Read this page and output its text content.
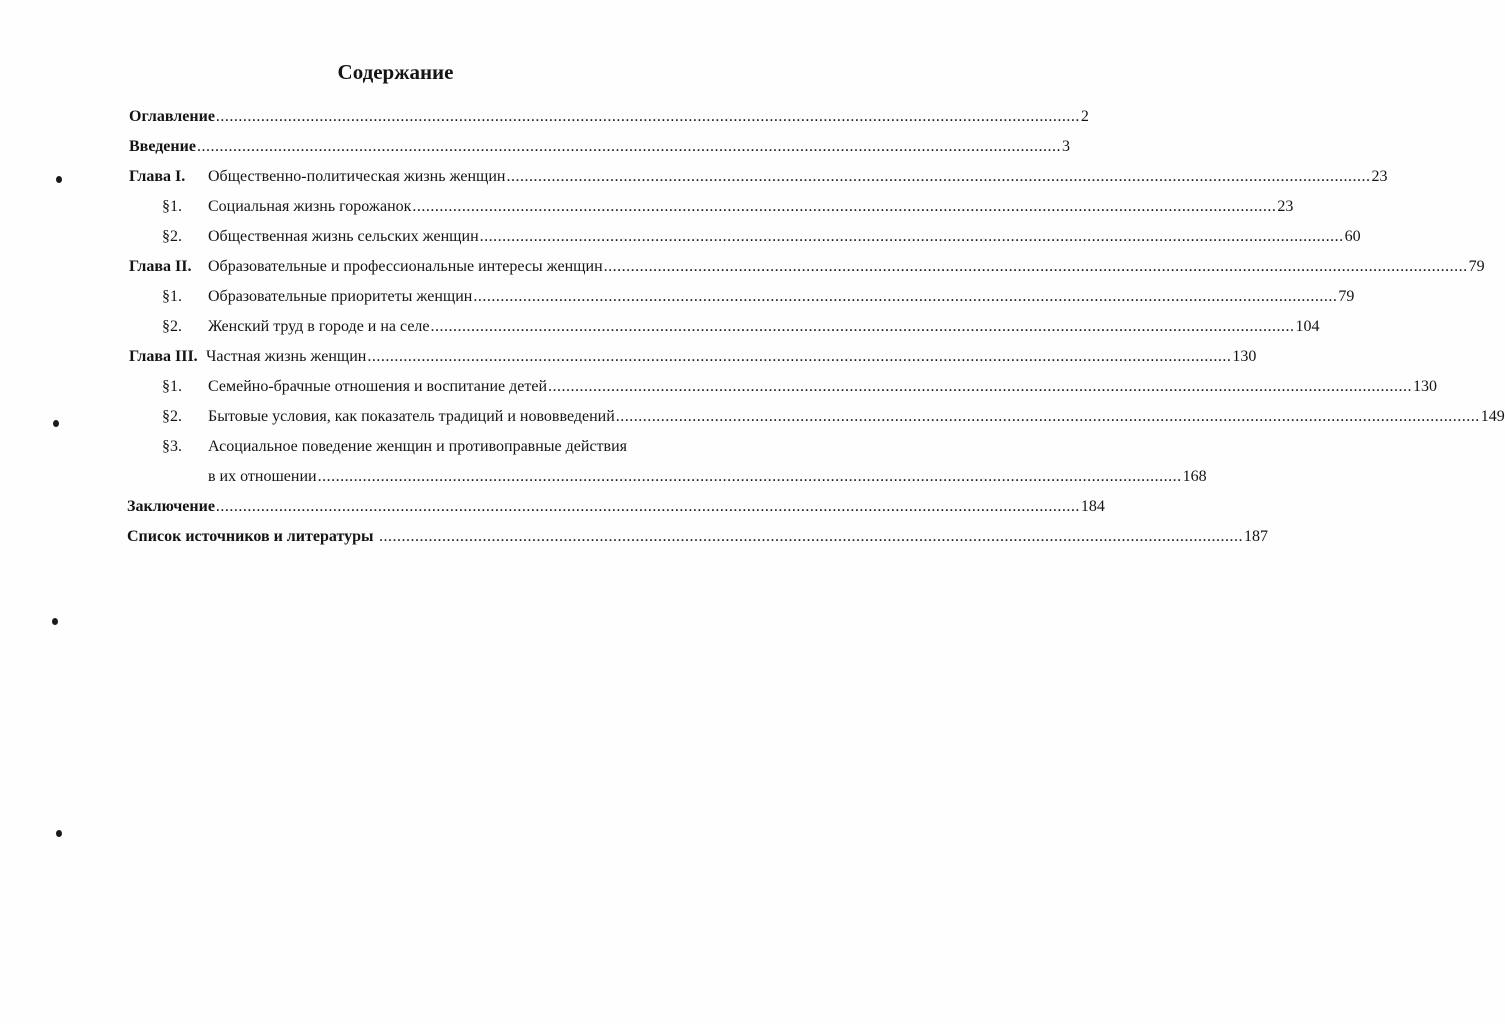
Содержание
Оглавление ................................................................................................................................................................................................ 2
Введение ................................................................................................................................................................................................ 3
Глава I. Общественно-политическая жизнь женщин ................................................................................................................................................................................................ 23
§1. Социальная жизнь горожанок ................................................................................................................................................................................................ 23
§2. Общественная жизнь сельских женщин ................................................................................................................................................................................................ 60
Глава II. Образовательные и профессиональные интересы женщин ................................................................................................................................................................................................ 79
§1. Образовательные приоритеты женщин ................................................................................................................................................................................................ 79
§2. Женский труд в городе и на селе ................................................................................................................................................................................................ 104
Глава III. Частная жизнь женщин ................................................................................................................................................................................................ 130
§1. Семейно-брачные отношения и воспитание детей ................................................................................................................................................................................................ 130
§2. Бытовые условия, как показатель традиций и нововведений ................................................................................................................................................................................................ 149
§3. Асоциальное поведение женщин и противоправные действия
в их отношении ................................................................................................................................................................................................ 168
Заключение ................................................................................................................................................................................................ 184
Список источников и литературы ................................................................................................................................................................................................ 187
